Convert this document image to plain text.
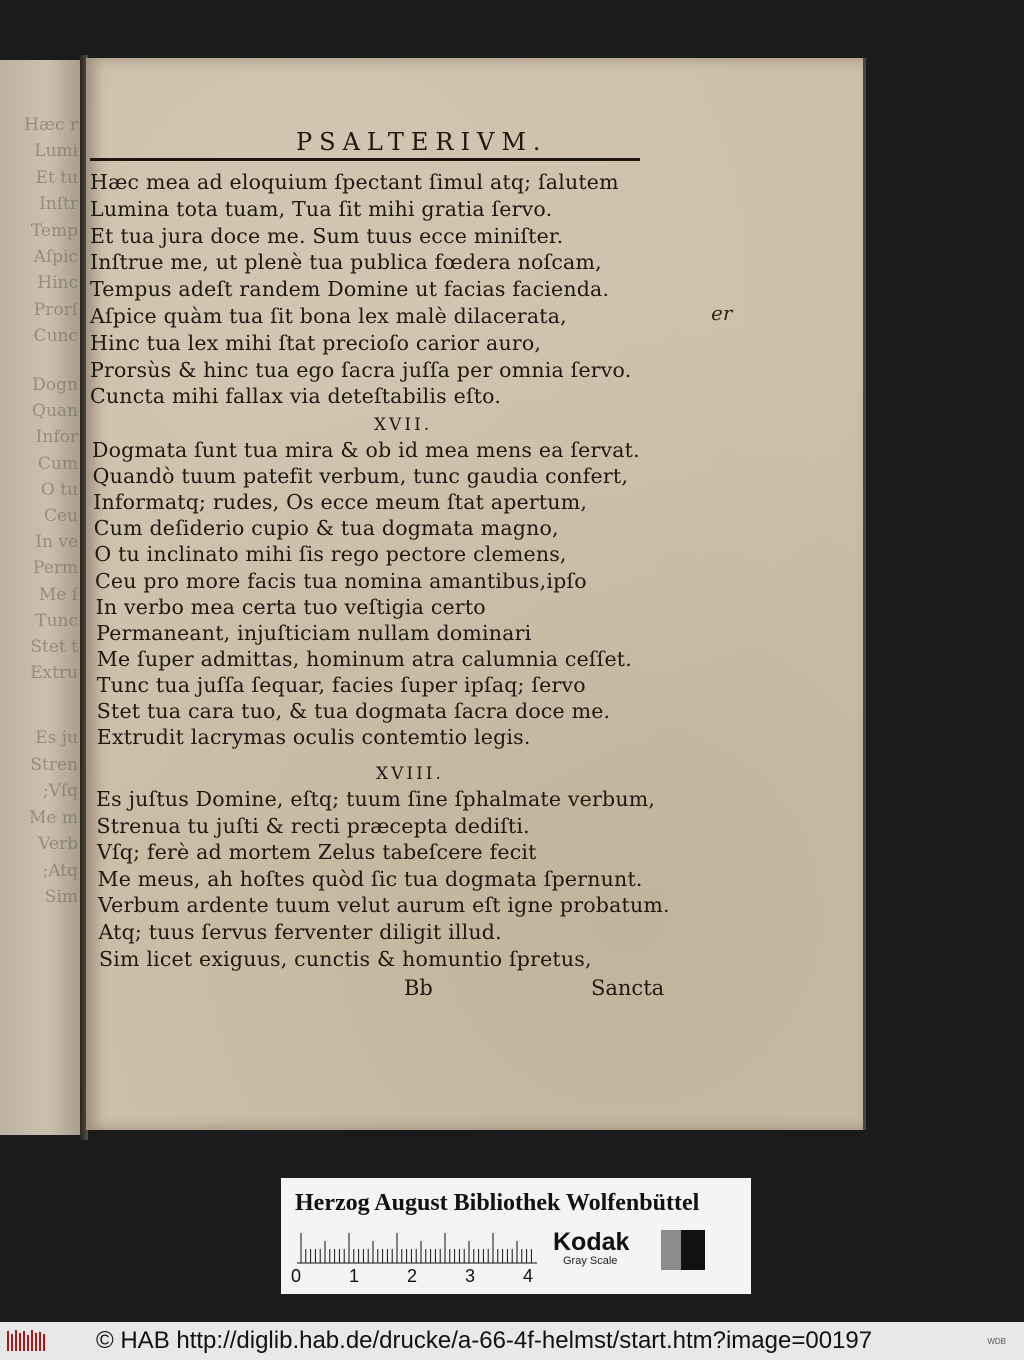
Hæc r
Lumi
Et tu
Inſtr
Temp
Aſpic
Hinc
Prorſ
Cunc
Dogn
Quan
Infor
Cum
O tu
Ceu
In ve
Perm
Me ſ
Tunc
Stet t
Extru
Es ju
Stren
Vſq;
Me m
Verb
Atq;
Sim
PSALTERIVM.
er
Hæc mea ad eloquium ſpectant ſimul atq; ſalutem
Lumina tota tuam, Tua ſit mihi gratia ſervo.
Et tua jura doce me. Sum tuus ecce miniſter.
Inſtrue me, ut plenè tua publica fœdera noſcam,
Tempus adeſt randem Domine ut facias facienda.
Aſpice quàm tua ſit bona lex malè dilacerata,
Hinc tua lex mihi ſtat precioſo carior auro,
Prorsùs & hinc tua ego ſacra juſſa per omnia ſervo.
Cuncta mihi fallax via deteſtabilis eſto.
XVII.
Dogmata ſunt tua mira & ob id mea mens ea ſervat.
Quandò tuum patefit verbum, tunc gaudia confert,
Informatq; rudes, Os ecce meum ſtat apertum,
Cum deſiderio cupio & tua dogmata magno,
O tu inclinato mihi ſis rego pectore clemens,
Ceu pro more facis tua nomina amantibus,ipſo
In verbo mea certa tuo veſtigia certo
Permaneant, injuſticiam nullam dominari
Me ſuper admittas, hominum atra calumnia ceſſet.
Tunc tua juſſa ſequar, facies ſuper ipſaq; ſervo
Stet tua cara tuo, & tua dogmata ſacra doce me.
Extrudit lacrymas oculis contemtio legis.
XVIII.
Es juſtus Domine, eſtq; tuum ſine ſphalmate verbum,
Strenua tu juſti & recti præcepta dediſti.
Vſq; ferè ad mortem Zelus tabeſcere fecit
Me meus, ah hoſtes quòd ſic tua dogmata ſpernunt.
Verbum ardente tuum velut aurum eſt igne probatum.
Atq; tuus ſervus ferventer diligit illud.
Sim licet exiguus, cunctis & homuntio ſpretus,
Bb	Sancta
Herzog August Bibliothek Wolfenbüttel
0	1	2	3	4
Kodak
Gray Scale
© HAB http://diglib.hab.de/drucke/a-66-4f-helmst/start.htm?image=00197	WDB
